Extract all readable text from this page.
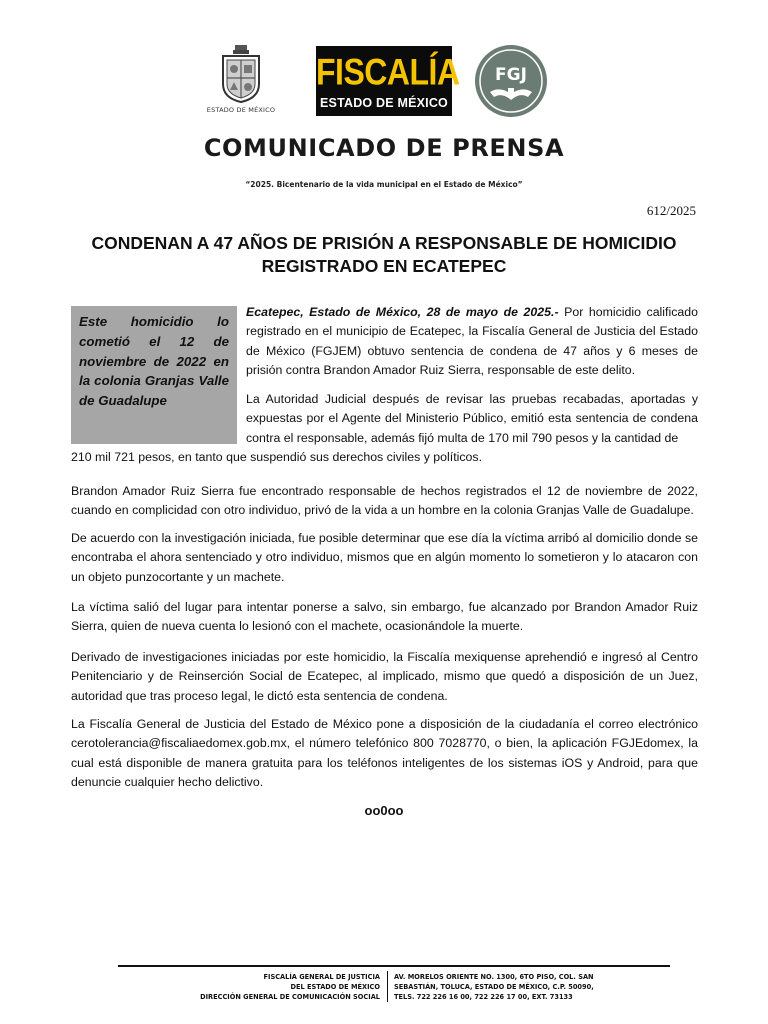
ESTADO DE MÉXICO
FISCALÍA
ESTADO DE MÉXICO
FGJ
COMUNICADO DE PRENSA
“2025. Bicentenario de la vida municipal en el Estado de México”
612/2025
CONDENAN A 47 AÑOS DE PRISIÓN A RESPONSABLE DE HOMICIDIO REGISTRADO EN ECATEPEC

Este homicidio lo cometió el 12 de noviembre de 2022 en la colonia Granjas Valle de Guadalupe

Ecatepec, Estado de México, 28 de mayo de 2025.- Por homicidio calificado registrado en el municipio de Ecatepec, la Fiscalía General de Justicia del Estado de México (FGJEM) obtuvo sentencia de condena de 47 años y 6 meses de prisión contra Brandon Amador Ruiz Sierra, responsable de este delito.

La Autoridad Judicial después de revisar las pruebas recabadas, aportadas y expuestas por el Agente del Ministerio Público, emitió esta sentencia de condena contra el responsable, además fijó multa de 170 mil 790 pesos y la cantidad de

210 mil 721 pesos, en tanto que suspendió sus derechos civiles y políticos.

Brandon Amador Ruiz Sierra fue encontrado responsable de hechos registrados el 12 de noviembre de 2022, cuando en complicidad con otro individuo, privó de la vida a un hombre en la colonia Granjas Valle de Guadalupe.

De acuerdo con la investigación iniciada, fue posible determinar que ese día la víctima arribó al domicilio donde se encontraba el ahora sentenciado y otro individuo, mismos que en algún momento lo sometieron y lo atacaron con un objeto punzocortante y un machete.

La víctima salió del lugar para intentar ponerse a salvo, sin embargo, fue alcanzado por Brandon Amador Ruiz Sierra, quien de nueva cuenta lo lesionó con el machete, ocasionándole la muerte.

Derivado de investigaciones iniciadas por este homicidio, la Fiscalía mexiquense aprehendió e ingresó al Centro Penitenciario y de Reinserción Social de Ecatepec, al implicado, mismo que quedó a disposición de un Juez, autoridad que tras proceso legal, le dictó esta sentencia de condena.

La Fiscalía General de Justicia del Estado de México pone a disposición de la ciudadanía el correo electrónico cerotolerancia@fiscaliaedomex.gob.mx, el número telefónico 800 7028770, o bien, la aplicación FGJEdomex, la cual está disponible de manera gratuita para los teléfonos inteligentes de los sistemas iOS y Android, para que denuncie cualquier hecho delictivo.

oo0oo
FISCALÍA GENERAL DE JUSTICIA
DEL ESTADO DE MÉXICO
DIRECCIÓN GENERAL DE COMUNICACIÓN SOCIAL
AV. MORELOS ORIENTE NO. 1300, 6TO PISO, COL. SAN
SEBASTIÁN, TOLUCA, ESTADO DE MÉXICO, C.P. 50090,
TELS. 722 226 16 00, 722 226 17 00, EXT. 73133
